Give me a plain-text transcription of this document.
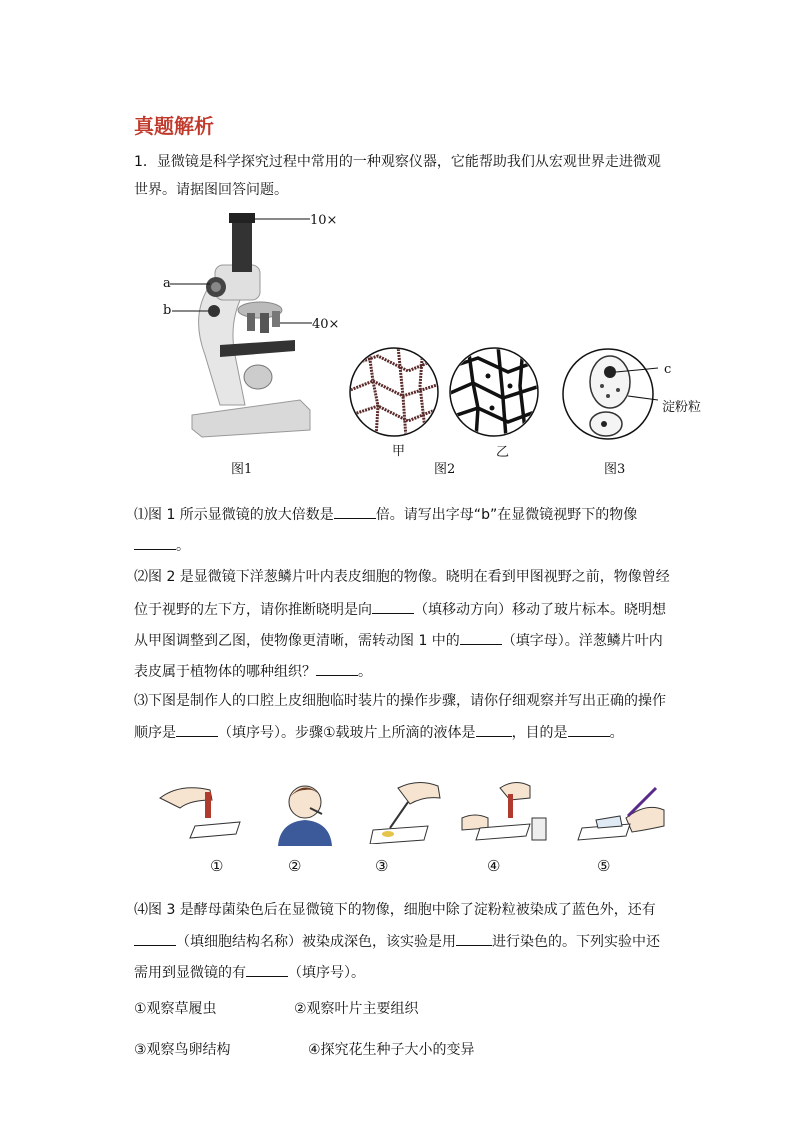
真题解析
1．显微镜是科学探究过程中常用的一种观察仪器，它能帮助我们从宏观世界走进微观
世界。请据图回答问题。
10×
40×
a
b
甲	乙
c
淀粉粒
图1	图2	图3
⑴图 1 所示显微镜的放大倍数是	倍。请写出字母“b”在显微镜视野下的物像
。
⑵图 2 是显微镜下洋葱鳞片叶内表皮细胞的物像。晓明在看到甲图视野之前，物像曾经
位于视野的左下方，请你推断晓明是向	（填移动方向）移动了玻片标本。晓明想
从甲图调整到乙图，使物像更清晰，需转动图 1 中的	（填字母）。洋葱鳞片叶内
表皮属于植物体的哪种组织？	。
⑶下图是制作人的口腔上皮细胞临时装片的操作步骤，请你仔细观察并写出正确的操作
顺序是	（填序号）。步骤①载玻片上所滴的液体是	，目的是	。
①	②	③	④	⑤
⑷图 3 是酵母菌染色后在显微镜下的物像，细胞中除了淀粉粒被染成了蓝色外，还有
（填细胞结构名称）被染成深色，该实验是用	进行染色的。下列实验中还
需用到显微镜的有	（填序号）。
①观察草履虫	②观察叶片主要组织
③观察鸟卵结构	④探究花生种子大小的变异
